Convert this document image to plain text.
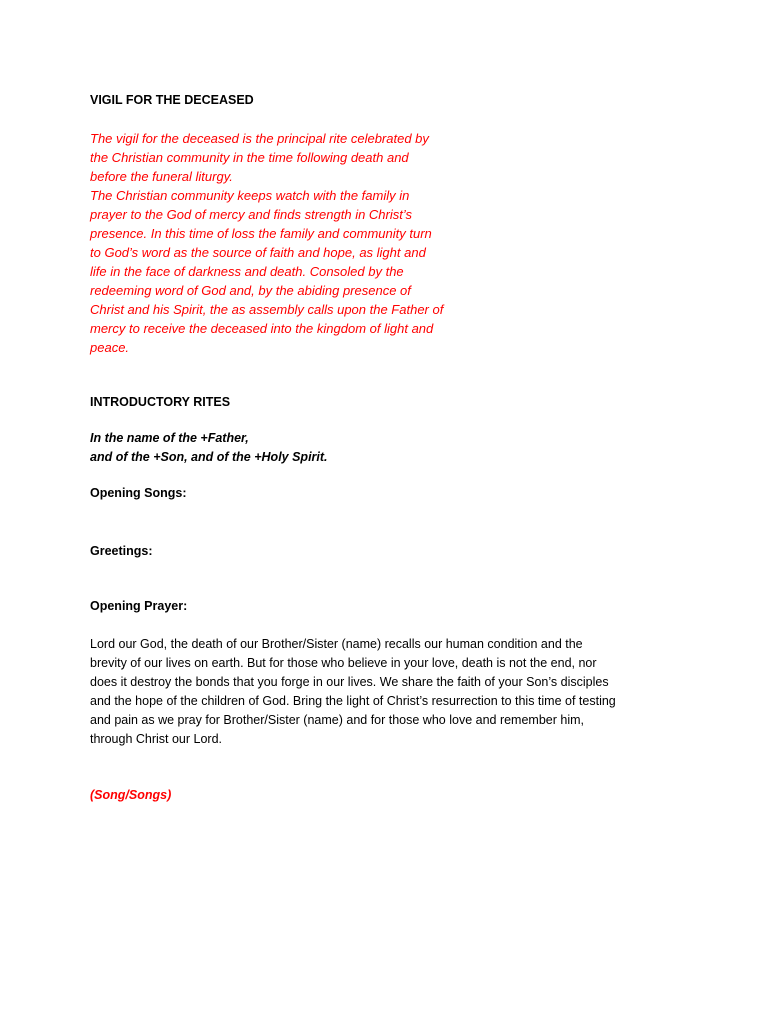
VIGIL FOR THE DECEASED

The vigil for the deceased is the principal rite celebrated by

the Christian community in the time following death and

before the funeral liturgy.

The Christian community keeps watch with the family in

prayer to the God of mercy and finds strength in Christ’s

presence. In this time of loss the family and community turn

to God’s word as the source of faith and hope, as light and

life in the face of darkness and death. Consoled by the

redeeming word of God and, by the abiding presence of

Christ and his Spirit, the as assembly calls upon the Father of

mercy to receive the deceased into the kingdom of light and

peace.

INTRODUCTORY RITES
In the name of the +Father,
and of the +Son, and of the +Holy Spirit.
Opening Songs:
Greetings:
Opening Prayer:
Lord our God, the death of our Brother/Sister (name) recalls our human condition and the
brevity of our lives on earth. But for those who believe in your love, death is not the end, nor
does it destroy the bonds that you forge in our lives. We share the faith of your Son’s disciples
and the hope of the children of God. Bring the light of Christ’s resurrection to this time of testing
and pain as we pray for Brother/Sister (name) and for those who love and remember him,
through Christ our Lord.
(Song/Songs)
